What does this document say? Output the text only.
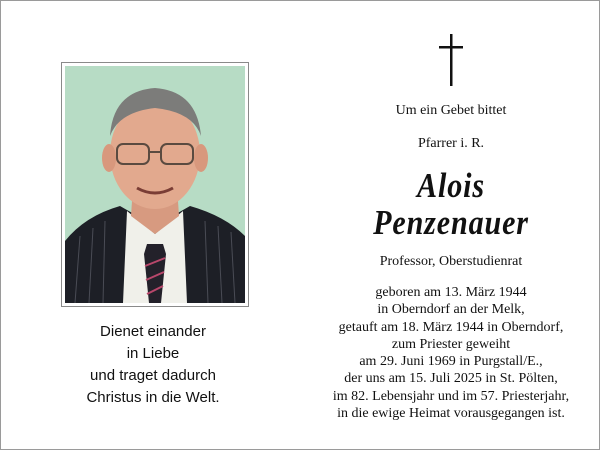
Dienet einander
in Liebe
und traget dadurch
Christus in die Welt.
Um ein Gebet bittet
Pfarrer i. R.
Alois
Penzenauer
Professor, Oberstudienrat
geboren am 13. März 1944
in Oberndorf an der Melk,
getauft am 18. März 1944 in Oberndorf,
zum Priester geweiht
am 29. Juni 1969 in Purgstall/E.,
der uns am 15. Juli 2025 in St. Pölten,
im 82. Lebensjahr und im 57. Priesterjahr,
in die ewige Heimat vorausgegangen ist.
